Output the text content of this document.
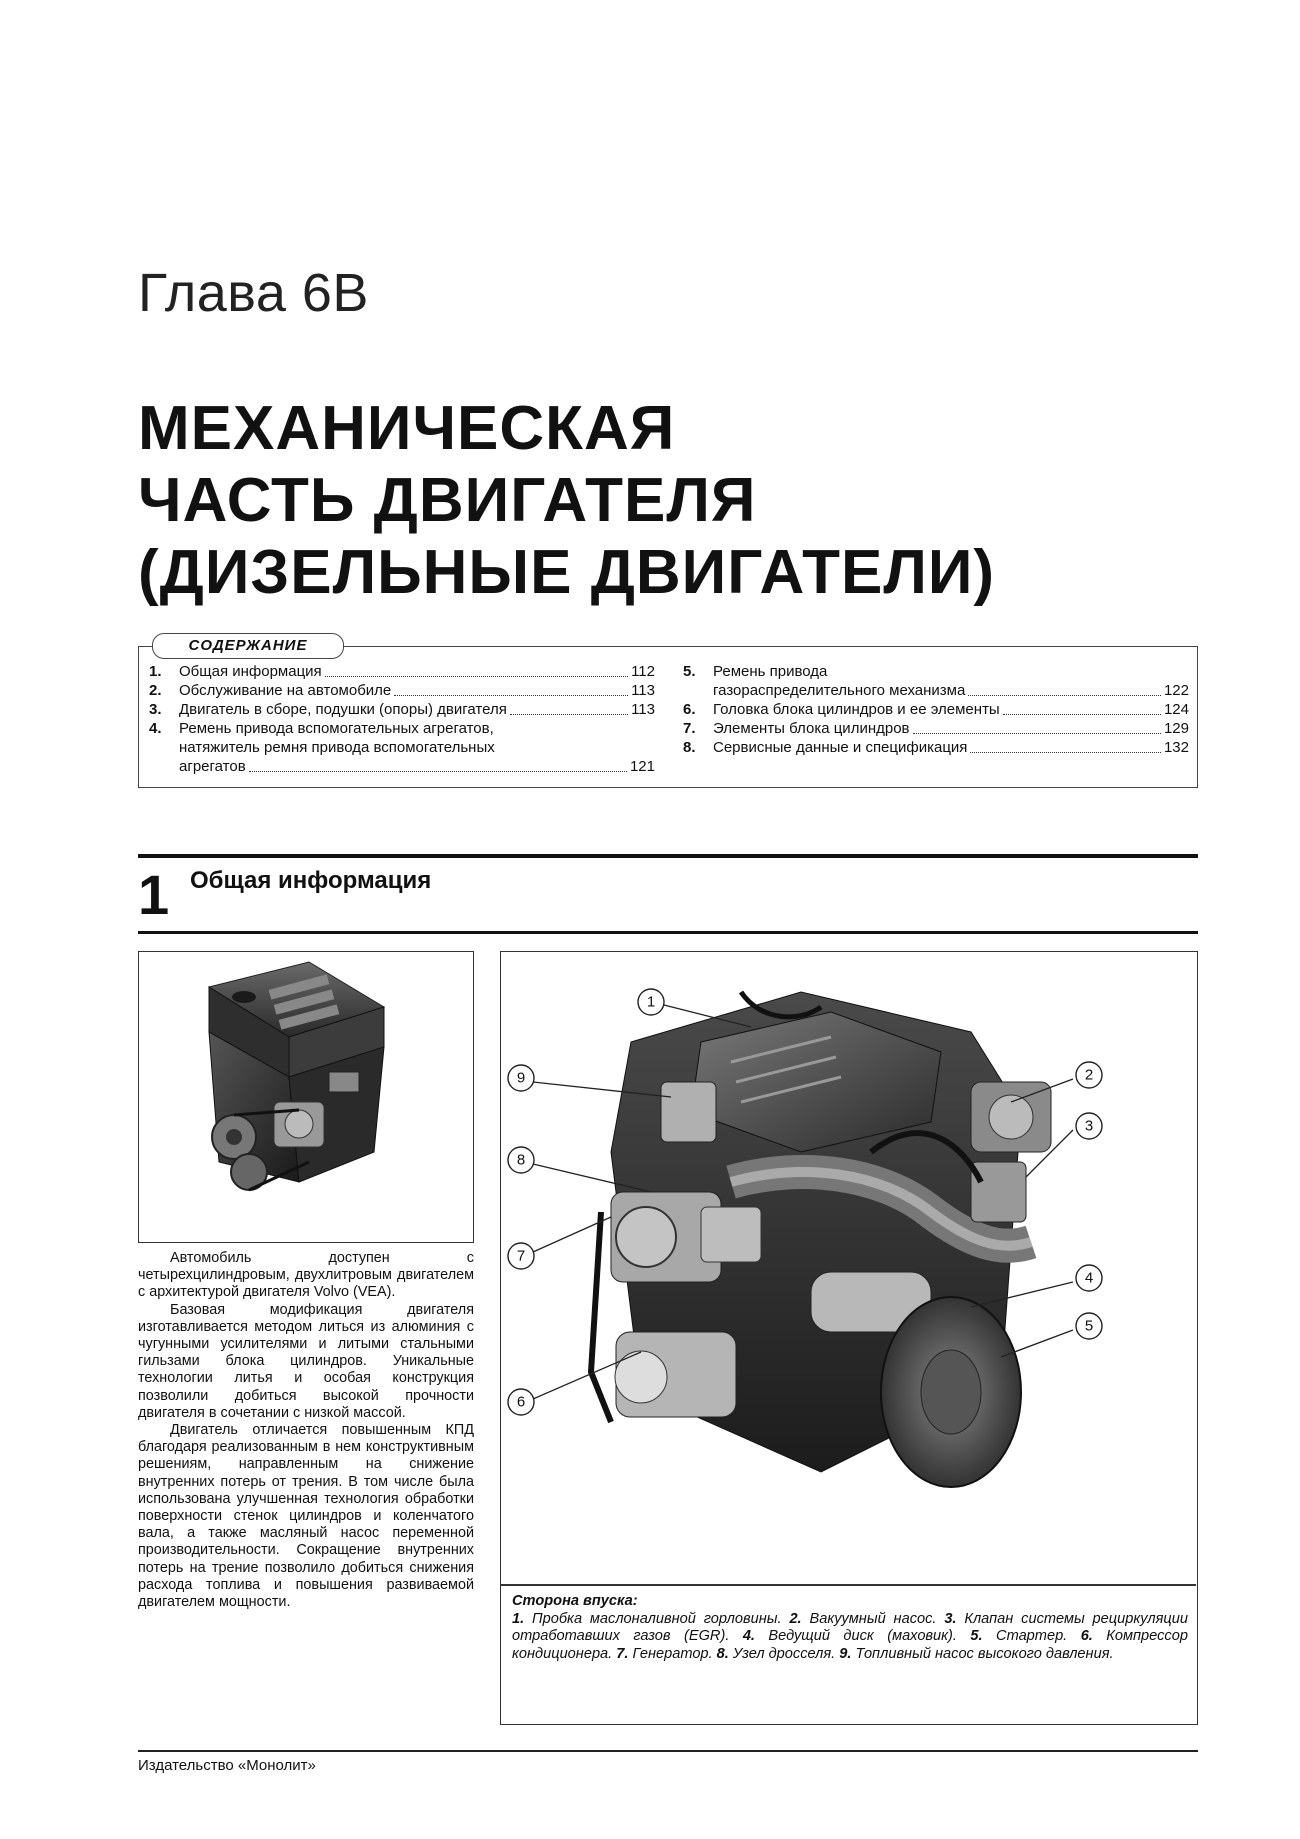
Глава 6В
МЕХАНИЧЕСКАЯ
ЧАСТЬ ДВИГАТЕЛЯ
(ДИЗЕЛЬНЫЕ ДВИГАТЕЛИ)
1.	Общая информация	112
2.	Обслуживание на автомобиле	113
3.	Двигатель в сборе, подушки (опоры) двигателя	113
4.	Ремень привода вспомогательных агрегатов,
натяжитель ремня привода вспомогательных
агрегатов	121
5.	Ремень привода
газораспределительного механизма	122
6.	Головка блока цилиндров и ее элементы	124
7.	Элементы блока цилиндров	129
8.	Сервисные данные и спецификация	132
СОДЕРЖАНИЕ
1 Общая информация
1
2
3
4
5
6
7
8
9
Сторона впуска:
1. Пробка маслоналивной горловины. 2. Вакуумный насос. 3. Клапан системы рециркуляции отработавших газов (EGR). 4. Ведущий диск (маховик). 5. Стартер. 6. Компрессор кондиционера. 7. Генератор. 8. Узел дросселя. 9. Топливный насос высокого давления.

Автомобиль доступен с четырехцилиндровым, двухлитровым двигателем с архитектурой двигателя Volvo (VEA).

Базовая модификация двигателя изготавливается методом литься из алюминия с чугунными усилителями и литыми стальными гильзами блока цилиндров. Уникальные технологии литья и особая конструкция позволили добиться высокой прочности двигателя в сочетании с низкой массой.

Двигатель отличается повышенным КПД благодаря реализованным в нем конструктивным решениям, направленным на снижение внутренних потерь от трения. В том числе была использована улучшенная технология обработки поверхности стенок цилиндров и коленчатого вала, а также масляный насос переменной производительности. Сокращение внутренних потерь на трение позволило добиться снижения расхода топлива и повышения развиваемой двигателем мощности.

Издательство «Монолит»
